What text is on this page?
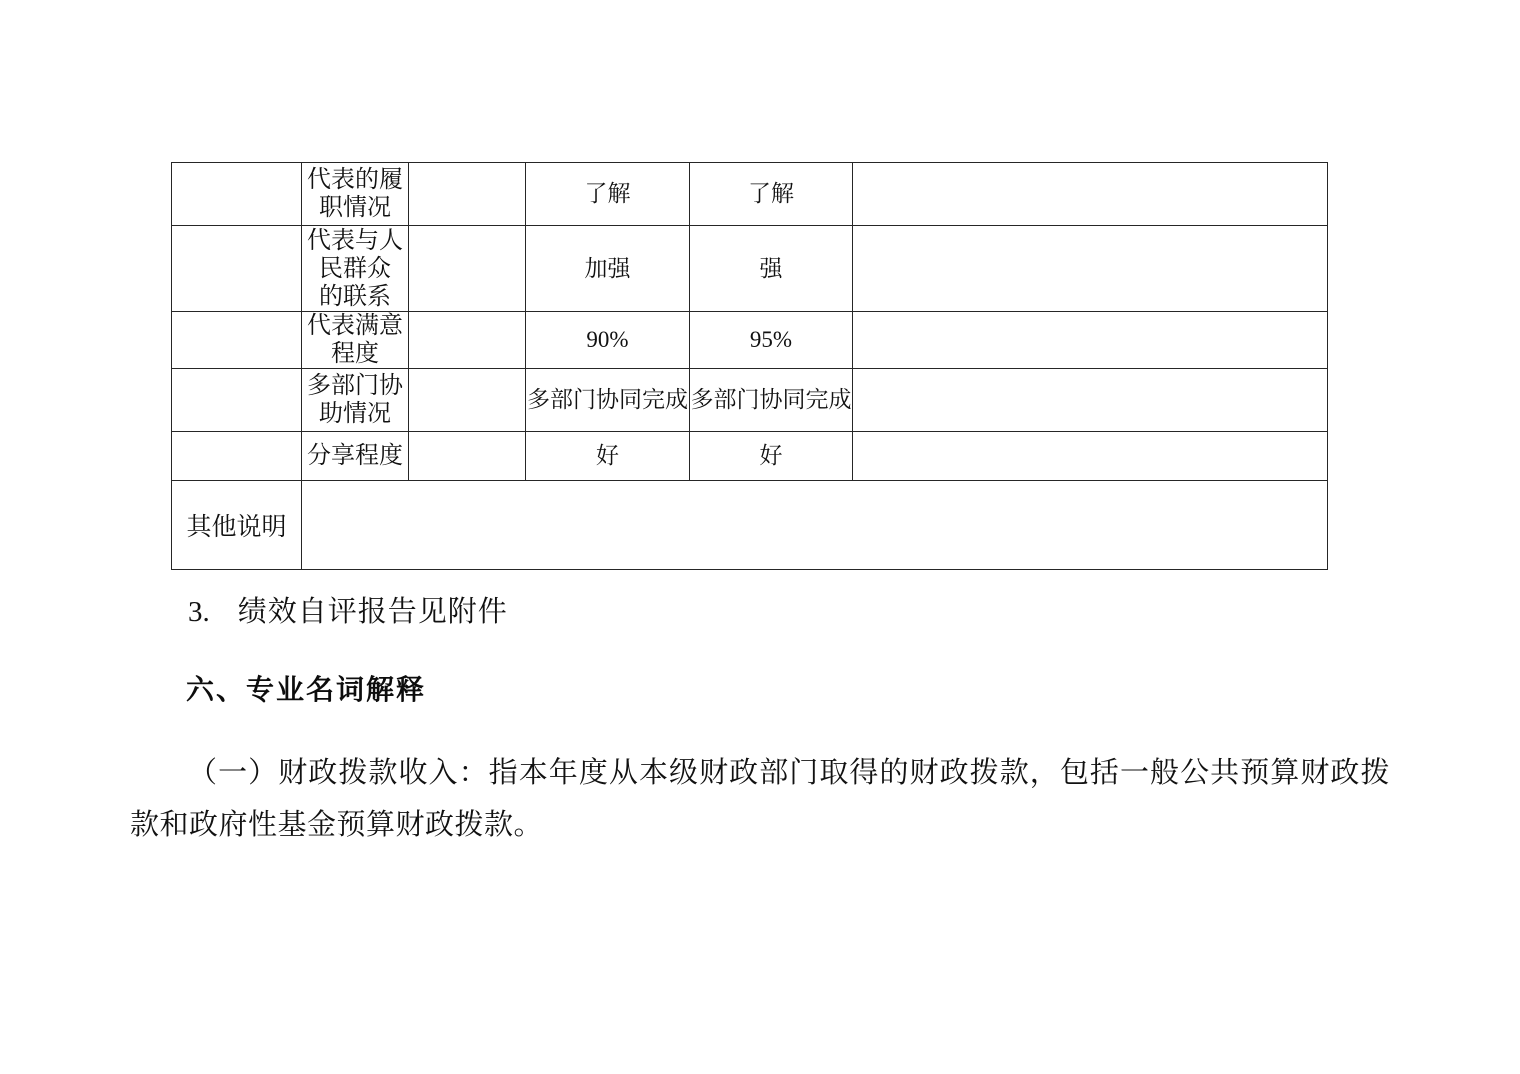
	代表的履职情况		了解	了解	
	代表与人民群众 的联系		加强	强	
	代表满意程度		90%	95%	
	多部门协助情况		多部门协同完成	多部门协同完成	
	分享程度		好	好	
其他说明					
3. 绩效自评报告见附件
六、专业名词解释

（一）财政拨款收入：指本年度从本级财政部门取得的财政拨款，包括一般公共预算财政拨款和政府性基金预算财政拨款。
